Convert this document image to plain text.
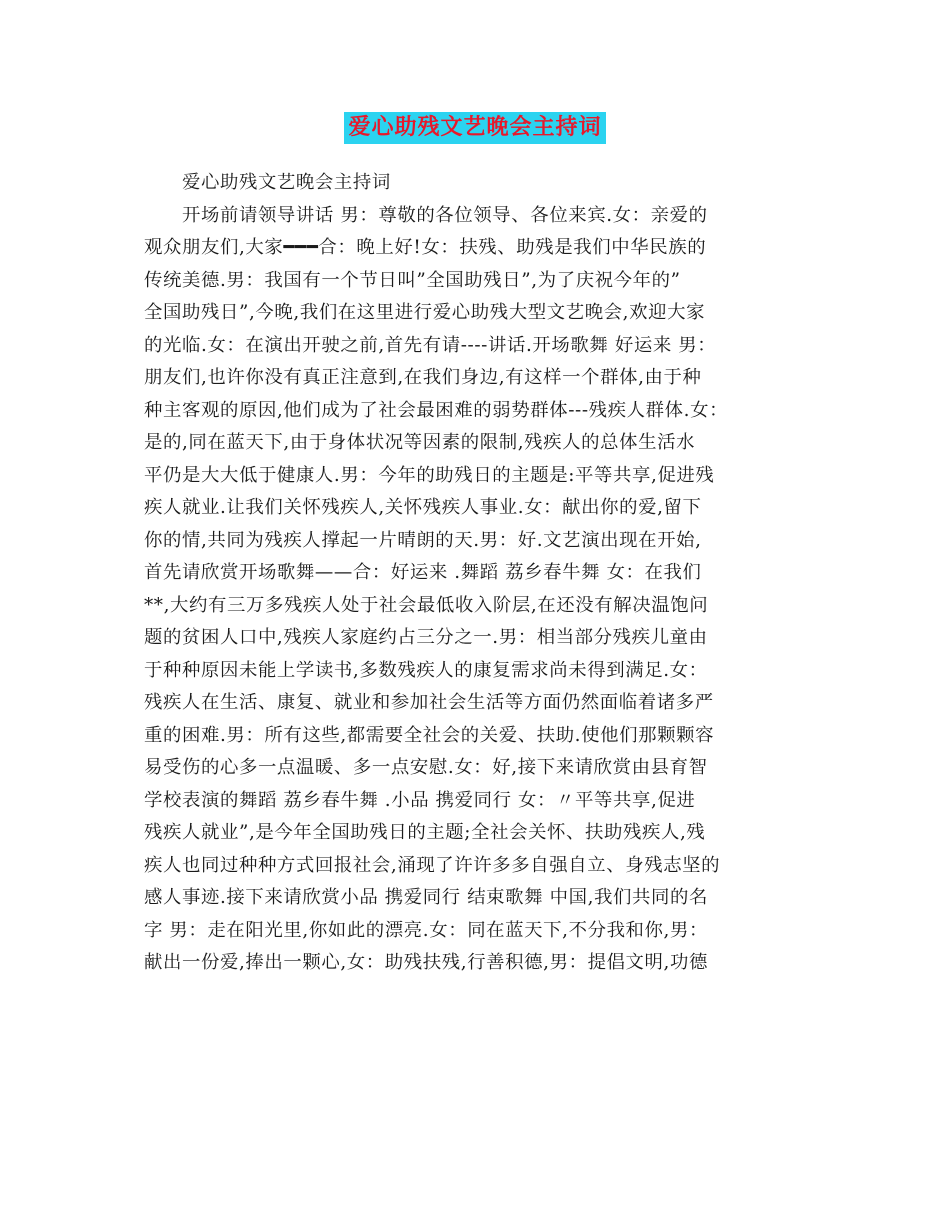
爱心助残文艺晚会主持词
　　爱心助残文艺晚会主持词
　　开场前请领导讲话 男：尊敬的各位领导、各位来宾.女：亲爱的
观众朋友们,大家━━━合：晚上好!女：扶残、助残是我们中华民族的
传统美德.男：我国有一个节日叫”全国助残日”,为了庆祝今年的”
全国助残日”,今晚,我们在这里进行爱心助残大型文艺晚会,欢迎大家
的光临.女：在演出开驶之前,首先有请----讲话.开场歌舞 好运来 男：
朋友们,也许你没有真正注意到,在我们身边,有这样一个群体,由于种
种主客观的原因,他们成为了社会最困难的弱势群体---残疾人群体.女：
是的,同在蓝天下,由于身体状况等因素的限制,残疾人的总体生活水
平仍是大大低于健康人.男：今年的助残日的主题是:平等共享,促进残
疾人就业.让我们关怀残疾人,关怀残疾人事业.女：献出你的爱,留下
你的情,共同为残疾人撑起一片晴朗的天.男：好.文艺演出现在开始,
首先请欣赏开场歌舞——合：好运来 .舞蹈 荔乡春牛舞 女：在我们
**,大约有三万多残疾人处于社会最低收入阶层,在还没有解决温饱问
题的贫困人口中,残疾人家庭约占三分之一.男：相当部分残疾儿童由
于种种原因未能上学读书,多数残疾人的康复需求尚未得到满足.女：
残疾人在生活、康复、就业和参加社会生活等方面仍然面临着诸多严
重的困难.男：所有这些,都需要全社会的关爱、扶助.使他们那颗颗容
易受伤的心多一点温暖、多一点安慰.女：好,接下来请欣赏由县育智
学校表演的舞蹈 荔乡春牛舞 .小品 携爱同行 女：〃平等共享,促进
残疾人就业”,是今年全国助残日的主题;全社会关怀、扶助残疾人,残
疾人也同过种种方式回报社会,涌现了许许多多自强自立、身残志坚的
感人事迹.接下来请欣赏小品 携爱同行 结束歌舞 中国,我们共同的名
字 男：走在阳光里,你如此的漂亮.女：同在蓝天下,不分我和你,男：
献出一份爱,捧出一颗心,女：助残扶残,行善积德,男：提倡文明,功德
